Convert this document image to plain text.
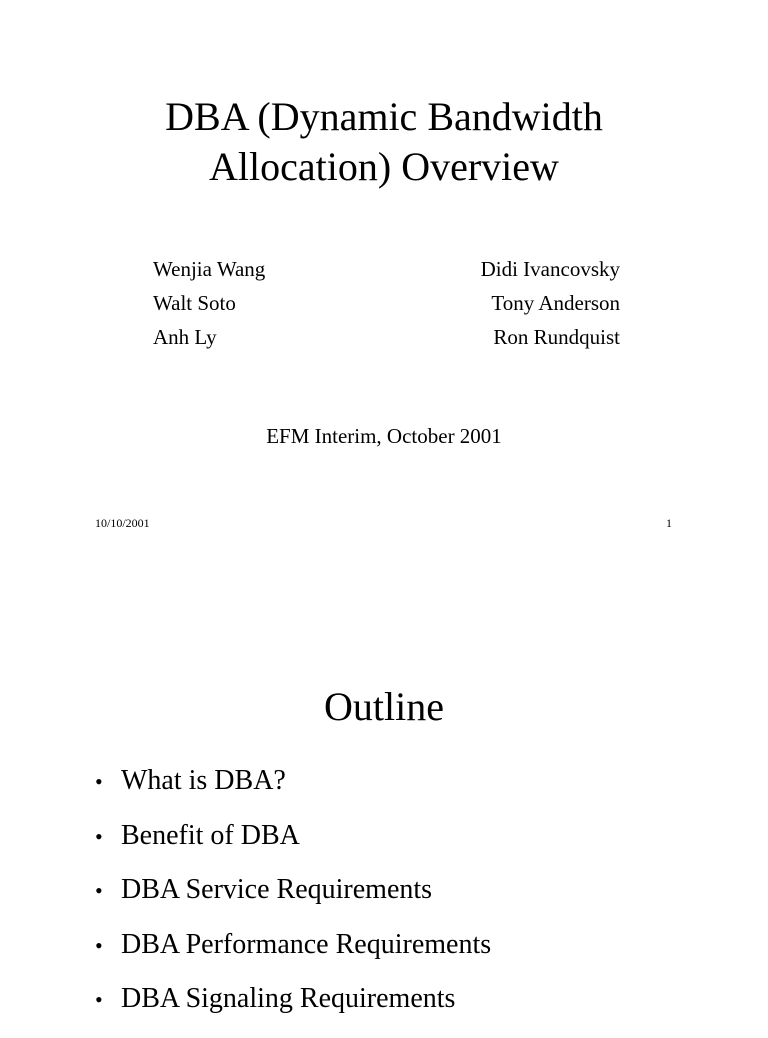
DBA (Dynamic Bandwidth
Allocation) Overview
Wenjia Wang
Walt Soto
Anh Ly
Didi Ivancovsky
Tony Anderson
Ron Rundquist
EFM Interim, October 2001
10/10/2001	1
Outline
• What is DBA?
• Benefit of DBA
• DBA Service Requirements
• DBA Performance Requirements
• DBA Signaling Requirements
